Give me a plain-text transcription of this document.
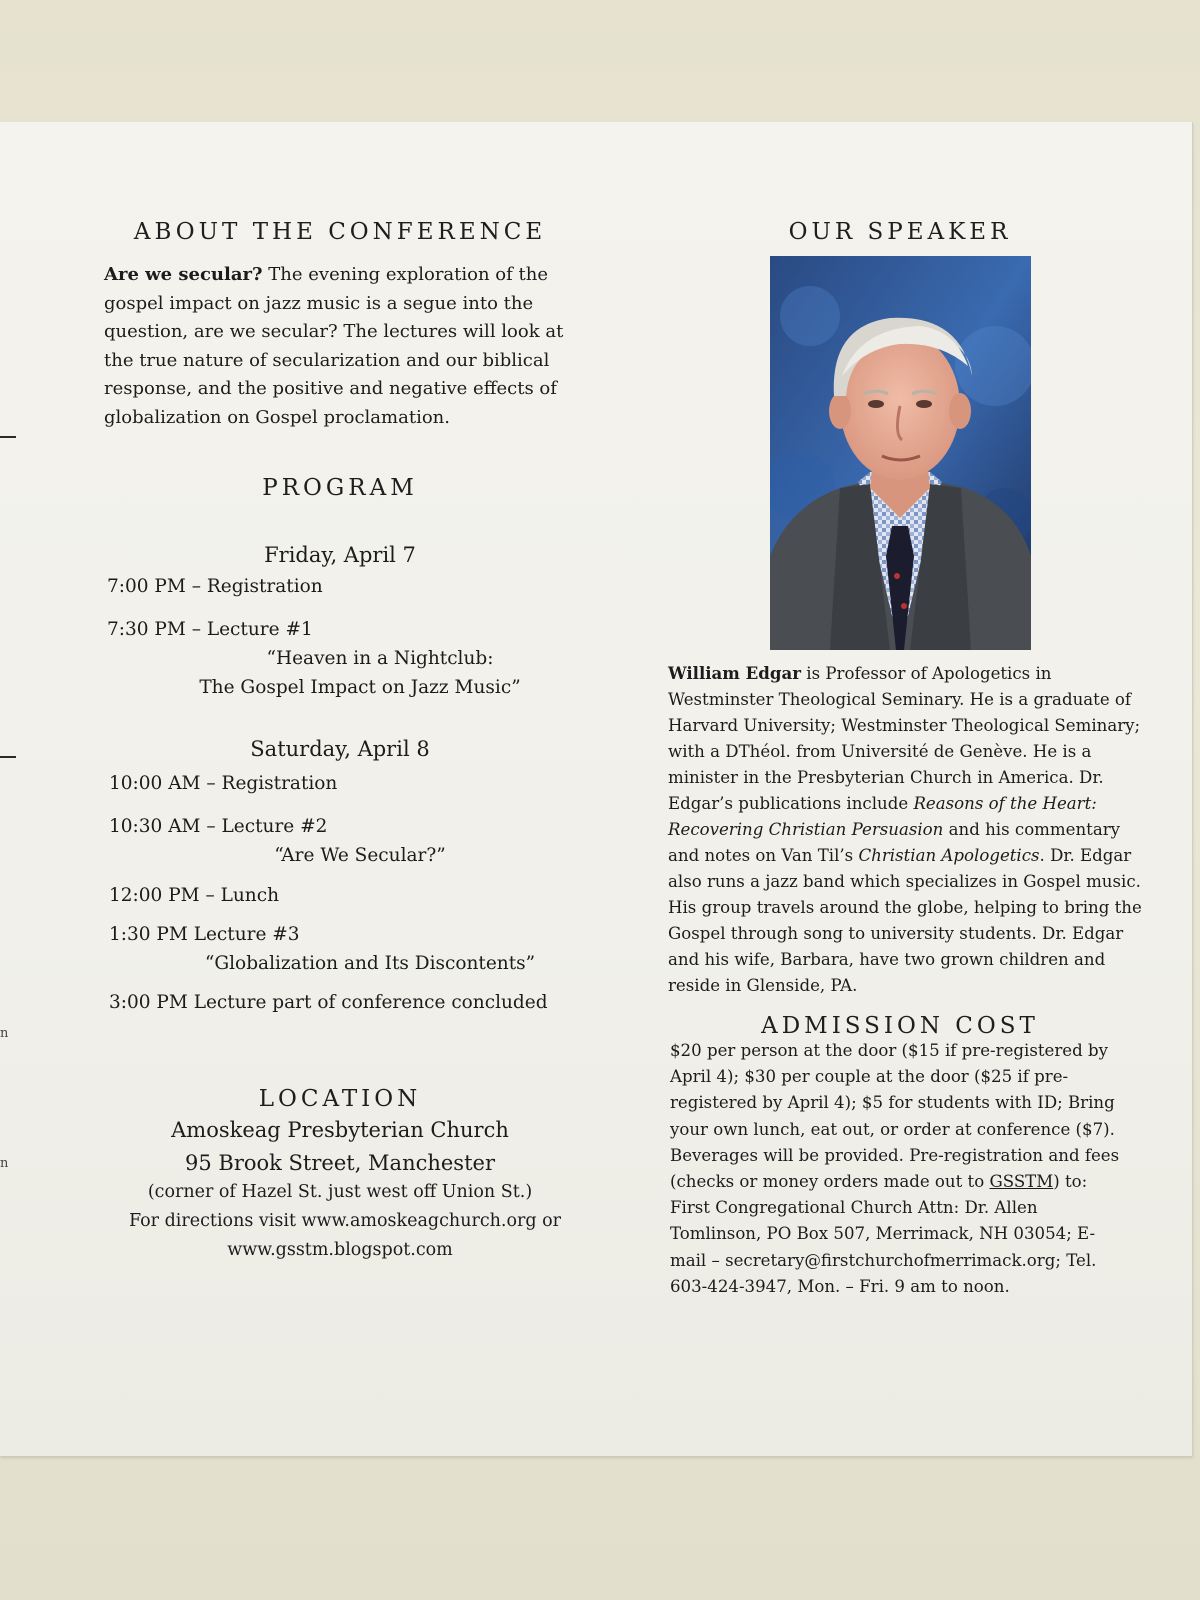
n
n
ABOUT THE CONFERENCE
Are we secular? The evening exploration of the gospel impact on jazz music is a segue into the question, are we secular? The lectures will look at the true nature of secularization and our biblical response, and the positive and negative effects of globalization on Gospel proclamation.
PROGRAM
Friday, April 7
7:00 PM – Registration
7:30 PM – Lecture #1
“Heaven in a Nightclub:
The Gospel Impact on Jazz Music”
Saturday, April 8
10:00 AM – Registration
10:30 AM – Lecture #2
“Are We Secular?”
12:00 PM – Lunch
1:30 PM Lecture #3
“Globalization and Its Discontents”
3:00 PM Lecture part of conference concluded
LOCATION
Amoskeag Presbyterian Church
95 Brook Street, Manchester
(corner of Hazel St. just west off Union St.)
For directions visit www.amoskeagchurch.org or
www.gsstm.blogspot.com
OUR SPEAKER
William Edgar is Professor of Apologetics in Westminster Theological Seminary. He is a graduate of Harvard University; Westminster Theological Seminary; with a DThéol. from Université de Genève. He is a minister in the Presbyterian Church in America. Dr. Edgar’s publications include Reasons of the Heart: Recovering Christian Persuasion and his commentary and notes on Van Til’s Christian Apologetics. Dr. Edgar also runs a jazz band which specializes in Gospel music. His group travels around the globe, helping to bring the Gospel through song to university students. Dr. Edgar and his wife, Barbara, have two grown children and reside in Glenside, PA.
ADMISSION COST
$20 per person at the door ($15 if pre-registered by April 4); $30 per couple at the door ($25 if pre-registered by April 4); $5 for students with ID; Bring your own lunch, eat out, or order at conference ($7). Beverages will be provided. Pre-registration and fees (checks or money orders made out to GSSTM) to: First Congregational Church Attn: Dr. Allen Tomlinson, PO Box 507, Merrimack, NH 03054; E-mail – secretary@firstchurchofmerrimack.org; Tel. 603-424-3947, Mon. – Fri. 9 am to noon.
